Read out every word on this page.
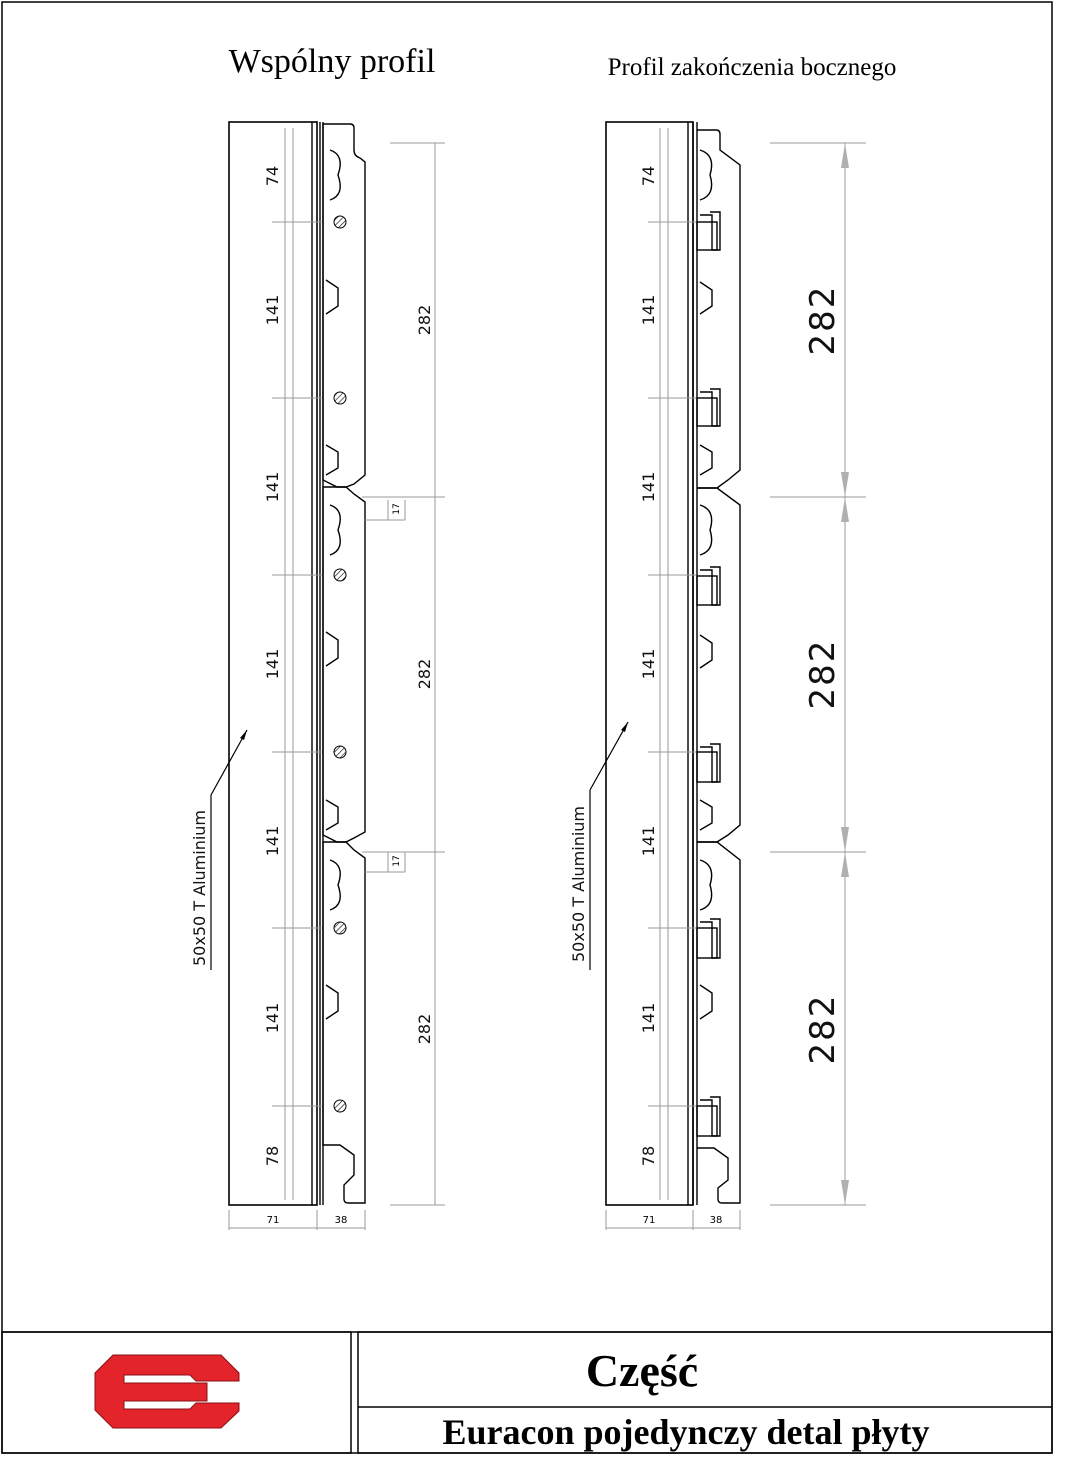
Wspólny profil
74
141
141
141
141
141
78
282
282
282
17
17
71	38
50x50 T Aluminium
Profil zakończenia bocznego
74
141
141
141
141
141
78
282
282
282
71	38
50x50 T Aluminium
Część
Euracon pojedynczy detal płyty
